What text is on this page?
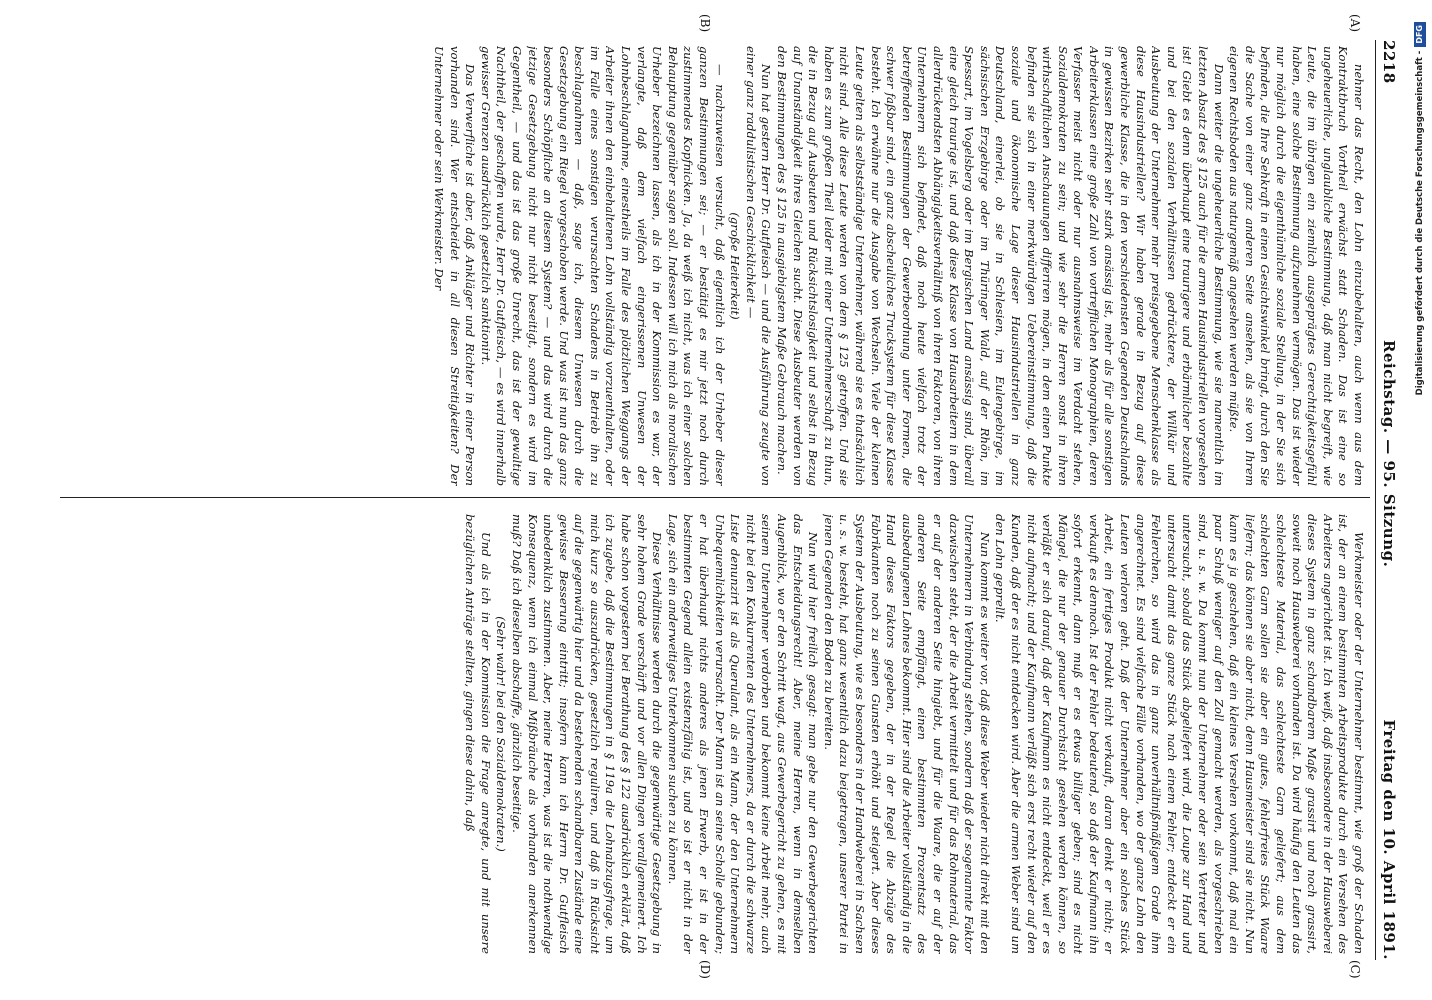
2218
Reichstag. — 95. Sitzung.
Freitag den 10. April 1891.
(A)
(B)
(C)
(D)

nehmer das Recht, den Lohn einzubehalten, auch wenn aus dem Kontraktbruch Vortheil erwächst statt Schaden. Das ist eine so ungeheuerliche, unglaubliche Bestimmung, daß man nicht begreift, wie Leute, die im übrigen ein ziemlich ausgeprägtes Gerechtigkeitsgefühl haben, eine solche Bestimmung aufzunehmen vermögen. Das ist wieder nur möglich durch die eigenthümliche soziale Stellung, in der Sie sich befinden, die Ihre Sehkraft in einen Gesichtswinkel bringt, durch den Sie die Sache von einer ganz anderen Seite ansehen, als sie von Ihrem eigenen Rechtsboden aus naturgemäß angesehen werden müßte.

Dann weiter die ungeheuerliche Bestimmung, wie sie namentlich im letzten Absatz des § 125 auch für die armen Hausindustriellen vorgesehen ist! Giebt es denn überhaupt eine traurigere und erbärmlicher bezahlte und bei den sozialen Verhältnissen gedrücktere, der Willkür und Ausbeutung der Unternehmer mehr preisgegebene Menschenklasse als diese Hausindustriellen? Wir haben gerade in Bezug auf diese gewerbliche Klasse, die in den verschiedensten Gegenden Deutschlands in gewissen Bezirken sehr stark ansässig ist, mehr als für alle sonstigen Arbeiterklassen eine große Zahl von vortrefflichen Monographien, deren Verfasser meist nicht oder nur ausnahmsweise im Verdacht stehen, Sozialdemokraten zu sein; und wie sehr die Herren sonst in ihren wirthschaftlichen Anschauungen differiren mögen, in dem einen Punkte befinden sie sich in einer merkwürdigen Uebereinstimmung, daß die soziale und ökonomische Lage dieser Hausindustriellen in ganz Deutschland, einerlei, ob sie in Schlesien, im Eulengebirge, im sächsischen Erzgebirge oder im Thüringer Wald, auf der Rhön, im Spessart, im Vogelsberg oder im Bergischen Land ansässig sind, überall eine gleich traurige ist, und daß diese Klasse von Hausarbeitern in dem allerdrückendsten Abhängigkeitsverhältniß von ihren Faktoren, von ihren Unternehmern sich befindet, daß noch heute vielfach trotz der betreffenden Bestimmungen der Gewerbeordnung unter Formen, die schwer faßbar sind, ein ganz abscheuliches Trucksystem für diese Klasse besteht. Ich erwähne nur die Ausgabe von Wechseln. Viele der kleinen Leute gelten als selbstständige Unternehmer, während sie es thatsächlich nicht sind. Alle diese Leute werden von dem § 125 getroffen. Und sie haben es zum großen Theil leider mit einer Unternehmerschaft zu thun, die in Bezug auf Ausbeuten und Rücksichtslosigkeit und selbst in Bezug auf Unanständigkeit ihres Gleichen sucht. Diese Ausbeuter werden von den Bestimmungen des § 125 in ausgiebigstem Maße Gebrauch machen.

Nun hat gestern Herr Dr. Gutfleisch — und die Ausführung zeugte von einer ganz raddulistischen Geschicklichkeit —

(große Heiterkeit)

— nachzuweisen versucht, daß eigentlich ich der Urheber dieser ganzen Bestimmungen sei; — er bestätigt es mir jetzt noch durch zustimmendes Kopfnicken. Ja, da weiß ich nicht, was ich einer solchen Behauptung gegenüber sagen soll. Indessen will ich mich als moralischen Urheber bezeichnen lassen, als ich in der Kommission es war, der verlangte, daß dem vielfach eingerissenen Unwesen der Lohnbeschlagnahme, einestheils im Falle des plötzlichen Weggangs der Arbeiter ihnen den einbehaltenen Lohn vollständig vorzuenthalten, oder im Falle eines sonstigen verursachten Schadens in Betrieb ihn zu beschlagnahmen — daß, sage ich, diesem Unwesen durch die Gesetzgebung ein Riegel vorgeschoben werde. Und was ist nun das ganz besonders Schöpfliche an diesem System? — und das wird durch die jetzige Gesetzgebung nicht nur nicht beseitigt, sondern es wird im Gegentheil, — und das ist das große Unrecht, das ist der gewaltige Nachtheil, der geschaffen wurde, Herr Dr. Gutfleisch, — es wird innerhalb gewisser Grenzen ausdrücklich gesetzlich sanktionirt.

Das Verwerfliche ist aber, daß Ankläger und Richter in einer Person vorhanden sind. Wer entscheidet in all diesen Streitigkeiten? Der Unternehmer oder sein Werkmeister. Der

Werkmeister oder der Unternehmer bestimmt, wie groß der Schaden ist, der an einem bestimmten Arbeitsprodukte durch ein Versehen des Arbeiters angerichtet ist. Ich weiß, daß insbesondere in der Hausweberei dieses System in ganz schandbarem Maße grassirt und noch grassirt, soweit noch Hausweberei vorhanden ist. Da wird häufig den Leuten das schlechteste Material, das schlechteste Garn geliefert; aus dem schlechten Garn sollen sie aber ein gutes, fehlerfreies Stück Waare liefern; das können sie aber nicht, denn Hausmeister sind sie nicht. Nun kann es ja geschehen, daß ein kleines Versehen vorkommt, daß mal ein paar Schuß weniger auf den Zoll gemacht werden, als vorgeschrieben sind, u. s. w. Da kommt nun der Unternehmer oder sein Vertreter und untersucht, sobald das Stück abgeliefert wird, die Loupe zur Hand und untersucht damit das ganze Stück nach einem Fehler; entdeckt er ein Fehlerchen, so wird das in ganz unverhältnißmäßigem Grade ihm angerechnet. Es sind vielfache Fälle vorhanden, wo der ganze Lohn den Leuten verloren geht. Daß der Unternehmer aber ein solches Stück Arbeit, ein fertiges Produkt nicht verkauft, daran denkt er nicht; er verkauft es dennoch. Ist der Fehler bedeutend, so daß der Kaufmann ihn sofort erkennt, dann muß er es etwas billiger geben; sind es nicht Mängel, die nur der genauer Durchsicht gesehen werden können, so verläßt er sich darauf, daß der Kaufmann es nicht entdeckt, weil er es nicht aufmacht; und der Kaufmann verläßt sich erst recht wieder auf den Kunden, daß der es nicht entdecken wird. Aber die armen Weber sind um den Lohn geprellt.

Nun kommt es weiter vor, daß diese Weber wieder nicht direkt mit den Unternehmern in Verbindung stehen, sondern daß der sogenannte Faktor dazwischen steht, der die Arbeit vermittelt und für das Rohmaterial, das er auf der anderen Seite hingiebt, und für die Waare, die er auf der anderen Seite empfängt, einen bestimmten Prozentsatz des ausbedungenen Lohnes bekommt. Hier sind die Arbeiter vollständig in die Hand dieses Faktors gegeben, der in der Regel die Abzüge des Fabrikanten noch zu seinen Gunsten erhöht und steigert. Aber dieses System der Ausbeutung, wie es besonders in der Handweberei in Sachsen u. s. w. besteht, hat ganz wesentlich dazu beigetragen, unserer Partei in jenen Gegenden den Boden zu bereiten.

Nun wird hier freilich gesagt: man gebe nur den Gewerbegerichten das Entscheidungsrecht! Aber, meine Herren, wenn in demselben Augenblick, wo er den Schritt wagt, aus Gewerbegericht zu gehen, es mit seinem Unternehmer verdorben und bekommt keine Arbeit mehr, auch nicht bei den Konkurrenten des Unternehmers, da er durch die schwarze Liste denunzirt ist als Querulant, als ein Mann, der den Unternehmern Unbequemlichkeiten verursacht. Der Mann ist an seine Scholle gebunden; er hat überhaupt nichts anderes als jenen Erwerb, er ist in der bestimmten Gegend allein existenzfähig ist, und so ist er nicht in der Lage, sich ein anderweitiges Unterkommen suchen zu können.

Diese Verhältnisse werden durch die gegenwärtige Gesetzgebung in sehr hohem Grade verschärft und vor allen Dingen verallgemeinert. Ich habe schon vorgestern bei Berathung des § 122 ausdrücklich erklärt, daß ich zugebe, daß die Bestimmungen in § 119a die Lohnabzugsfrage, um mich kurz so auszudrücken, gesetzlich reguliren, und daß in Rücksicht auf die gegenwärtig hier und da bestehenden schandbaren Zustände eine gewisse Besserung eintritt; insofern kann ich Herrn Dr. Gutfleisch unbedenklich zustimmen. Aber, meine Herren, was ist die nothwendige Konsequenz, wenn ich einmal Mißbräuche als vorhanden anerkennen muß? Daß ich dieselben abschaffe, gänzlich beseitige.

(Sehr wahr! bei den Sozialdemokraten.)

Und als ich in der Kommission die Frage anregte, und mit unsere bezüglichen Anträge stellten, gingen diese dahin, daß

Digitalisierung gefördert durch die Deutsche Forschungsgemeinschaft -DFG
